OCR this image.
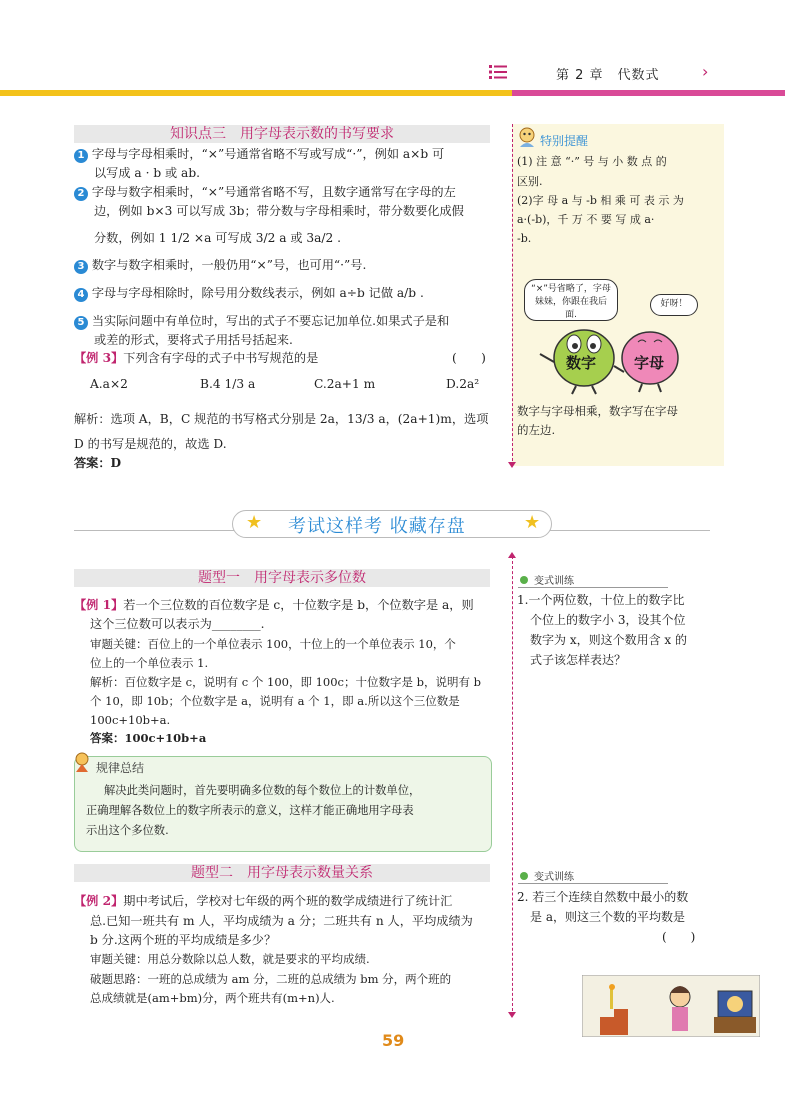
第 2 章　代数式	›
知识点三　用字母表示数的书写要求
1 字母与字母相乘时，“×”号通常省略不写或写成“·”，例如 a×b 可
以写成 a · b 或 ab.
2 字母与数字相乘时，“×”号通常省略不写，且数字通常写在字母的左
边，例如 b×3 可以写成 3b；带分数与字母相乘时，带分数要化成假
分数，例如 1 1/2 ×a 可写成 3/2 a 或 3a/2 .
3 数字与数字相乘时，一般仍用“×”号，也可用“·”号.
4 字母与字母相除时，除号用分数线表示，例如 a÷b 记做 a/b .
5 当实际问题中有单位时，写出的式子不要忘记加单位.如果式子是和
或差的形式，要将式子用括号括起来.
【例 3】下列含有字母的式子中书写规范的是	(　　)
A.a×2	B.4 1/3 a	C.2a+1 m	D.2a²
解析：选项 A，B，C 规范的书写格式分别是 2a，13/3 a，(2a+1)m，选项
D 的书写是规范的，故选 D.
答案：D
特别提醒
(1) 注 意 “·” 号 与 小 数 点 的
区别.
(2)字 母 a 与 -b 相 乘 可 表 示 为
a·(-b)，千 万 不 要 写 成 a·
-b.
“×”号省略了，字母妹妹，你跟在我后面.
好呀！
数字	字母
数字与字母相乘，数字写在字母
的左边.
★	★
考试这样考 收藏存盘
题型一　用字母表示多位数
【例 1】若一个三位数的百位数字是 c，十位数字是 b，个位数字是 a，则
这个三位数可以表示为________.
审题关键：百位上的一个单位表示 100，十位上的一个单位表示 10，个
位上的一个单位表示 1.
解析：百位数字是 c，说明有 c 个 100，即 100c；十位数字是 b，说明有 b
个 10，即 10b；个位数字是 a，说明有 a 个 1，即 a.所以这个三位数是
100c+10b+a.
答案：100c+10b+a
规律总结
解决此类问题时，首先要明确多位数的每个数位上的计数单位，
正确理解各数位上的数字所表示的意义，这样才能正确地用字母表
示出这个多位数.
题型二　用字母表示数量关系
【例 2】期中考试后，学校对七年级的两个班的数学成绩进行了统计汇
总.已知一班共有 m 人，平均成绩为 a 分；二班共有 n 人，平均成绩为
b 分.这两个班的平均成绩是多少？
审题关键：用总分数除以总人数，就是要求的平均成绩.
破题思路：一班的总成绩为 am 分，二班的总成绩为 bm 分，两个班的
总成绩就是(am+bm)分，两个班共有(m+n)人.
变式训练
1.一个两位数，十位上的数字比
个位上的数字小 3，设其个位
数字为 x，则这个数用含 x 的
式子该怎样表达？
变式训练
2. 若三个连续自然数中最小的数
是 a，则这三个数的平均数是
(　　)
59
